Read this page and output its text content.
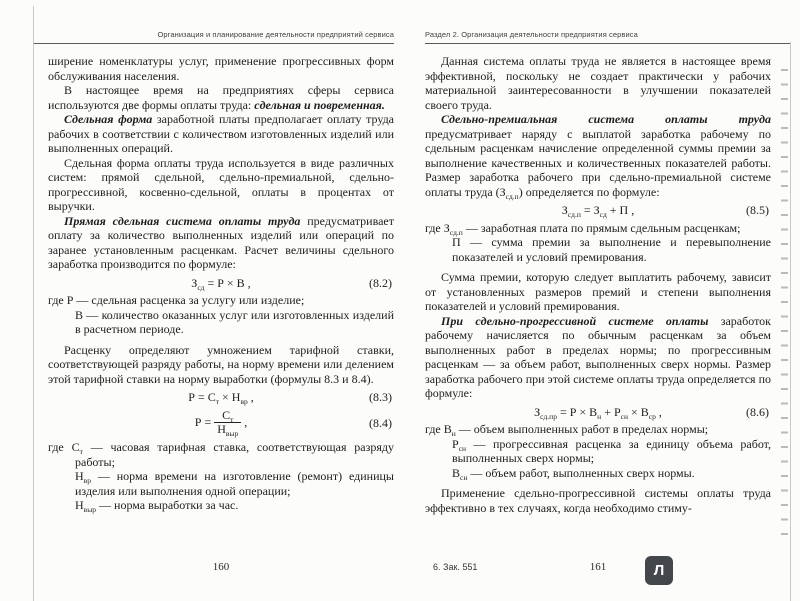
Организация и планирование деятельности предприятий сервиса

ширение номенклатуры услуг, применение прогрессивных форм обслуживания населения.

В настоящее время на предприятиях сферы сервиса используются две формы оплаты труда: сдельная и повременная.

Сдельная форма заработной платы предполагает оплату труда рабочих в соответствии с количеством изготовленных изделий или выполненных операций.

Сдельная форма оплаты труда используется в виде различных систем: прямой сдельной, сдельно-премиальной, сдельно-прогрессивной, косвенно-сдельной, оплаты в процентах от выручки.

Прямая сдельная система оплаты труда предусматривает оплату за количество выполненных изделий или операций по заранее установленным расценкам. Расчет величины сдельного заработка производится по формуле:

$З_{сд} = Р \times В$ ,	(8.2)

где Р — сдельная расценка за услугу или изделие;

В — количество оказанных услуг или изготовленных изделий в расчетном периоде.

Расценку определяют умножением тарифной ставки, соответствующей разряду работы, на норму времени или делением этой тарифной ставки на норму выработки (формулы 8.3 и 8.4).

$Р = С_т \times Н_{вр}$ ,	(8.3)
$Р = \frac{С_т}{Н_{выр}}$ ,	(8.4)

где $С_т$ — часовая тарифная ставка, соответствующая разряду работы;

$Н_{вр}$ — норма времени на изготовление (ремонт) единицы изделия или выполнения одной операции;

$Н_{выр}$ — норма выработки за час.

160
Раздел 2. Организация деятельности предприятия сервиса

Данная система оплаты труда не является в настоящее время эффективной, поскольку не создает практически у рабочих материальной заинтересованности в улучшении показателей своего труда.

Сдельно-премиальная система оплаты труда предусматривает наряду с выплатой заработка рабочему по сдельным расценкам начисление определенной суммы премии за выполнение качественных и количественных показателей работы. Размер заработка рабочего при сдельно-премиальной системе оплаты труда $(З_{сд.п})$ определяется по формуле:

$З_{сд.п} = З_{сд} + П$ ,	(8.5)

где $З_{сд.п}$ — заработная плата по прямым сдельным расценкам;

П — сумма премии за выполнение и перевыполнение показателей и условий премирования.

Сумма премии, которую следует выплатить рабочему, зависит от установленных размеров премий и степени выполнения показателей и условий премирования.

При сдельно-прогрессивной системе оплаты заработок рабочему начисляется по обычным расценкам за объем выполненных работ в пределах нормы; по прогрессивным расценкам — за объем работ, выполненных сверх нормы. Размер заработка рабочего при этой системе оплаты труда определяется по формуле:

$З_{сд.пр} = Р \times В_н + Р_{сн} \times В_{ср}$ ,	(8.6)

где $В_н$ — объем выполненных работ в пределах нормы;

$Р_{сн}$ — прогрессивная расценка за единицу объема работ, выполненных сверх нормы;

$В_{сн}$ — объем работ, выполненных сверх нормы.

Применение сдельно-прогрессивной системы оплаты труда эффективно в тех случаях, когда необходимо стиму-

6. Зак. 551	161	Л
